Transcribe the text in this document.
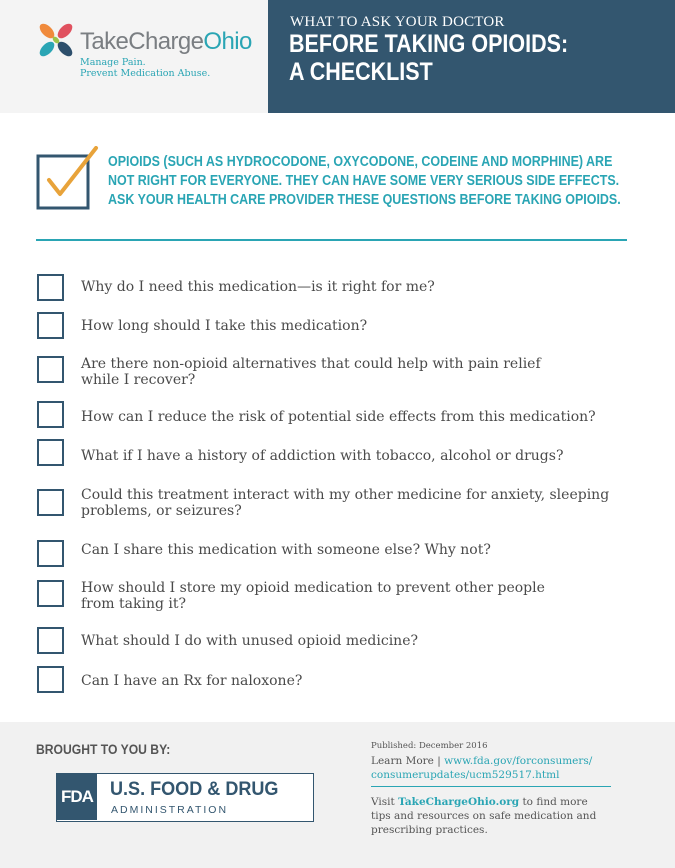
TakeChargeOhio
Manage Pain.
Prevent Medication Abuse.
WHAT TO ASK YOUR DOCTOR
BEFORE TAKING OPIOIDS:
A CHECKLIST
OPIOIDS (SUCH AS HYDROCODONE, OXYCODONE, CODEINE AND MORPHINE) ARE
NOT RIGHT FOR EVERYONE. THEY CAN HAVE SOME VERY SERIOUS SIDE EFFECTS.
ASK YOUR HEALTH CARE PROVIDER THESE QUESTIONS BEFORE TAKING OPIOIDS.
Why do I need this medication—is it right for me?
How long should I take this medication?
Are there non-opioid alternatives that could help with pain relief
while I recover?
How can I reduce the risk of potential side effects from this medication?
What if I have a history of addiction with tobacco, alcohol or drugs?
Could this treatment interact with my other medicine for anxiety, sleeping
problems, or seizures?
Can I share this medication with someone else? Why not?
How should I store my opioid medication to prevent other people
from taking it?
What should I do with unused opioid medicine?
Can I have an Rx for naloxone?
BROUGHT TO YOU BY:
FDA U.S. FOOD & DRUG
ADMINISTRATION
Published: December 2016
Learn More | www.fda.gov/forconsumers/
consumerupdates/ucm529517.html
Visit TakeChargeOhio.org to find more
tips and resources on safe medication and
prescribing practices.
